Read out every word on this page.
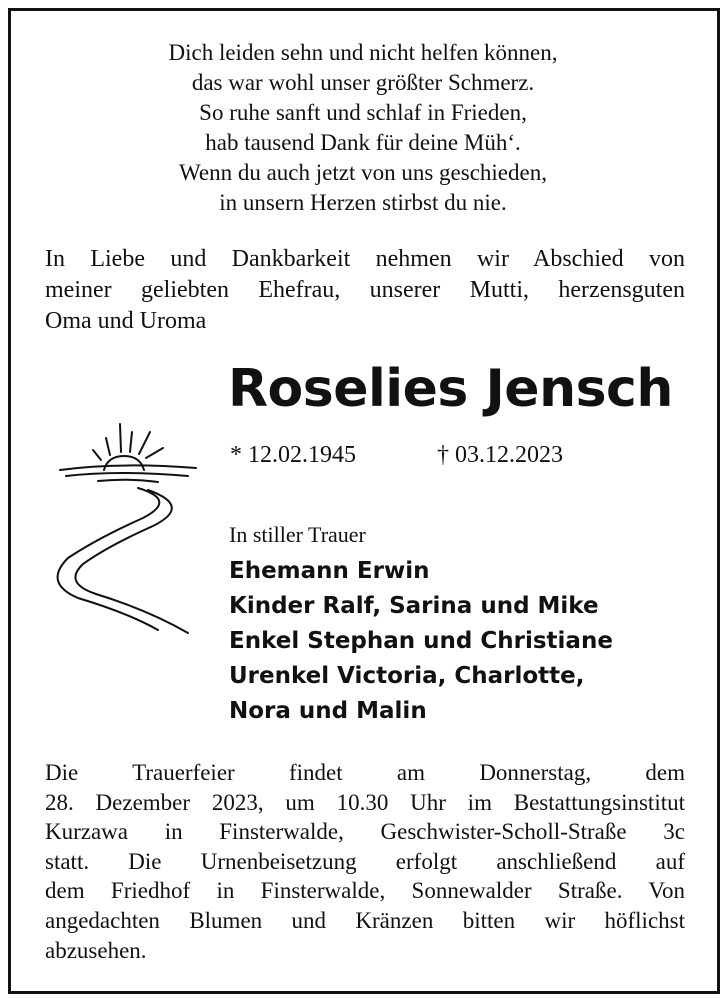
Dich leiden sehn und nicht helfen können,
das war wohl unser größter Schmerz.
So ruhe sanft und schlaf in Frieden,
hab tausend Dank für deine Müh‘.
Wenn du auch jetzt von uns geschieden,
in unsern Herzen stirbst du nie.
In Liebe und Dankbarkeit nehmen wir Abschied von
meiner geliebten Ehefrau, unserer Mutti, herzensguten
Oma und Uroma
Roselies Jensch
* 12.02.1945	† 03.12.2023
In stiller Trauer
Ehemann Erwin
Kinder Ralf, Sarina und Mike
Enkel Stephan und Christiane
Urenkel Victoria, Charlotte,
Nora und Malin
Die Trauerfeier findet am Donnerstag, dem
28. Dezember 2023, um 10.30 Uhr im Bestattungsinstitut
Kurzawa in Finsterwalde, Geschwister-Scholl-Straße 3c
statt. Die Urnenbeisetzung erfolgt anschließend auf
dem Friedhof in Finsterwalde, Sonnewalder Straße. Von
angedachten Blumen und Kränzen bitten wir höflichst
abzusehen.
